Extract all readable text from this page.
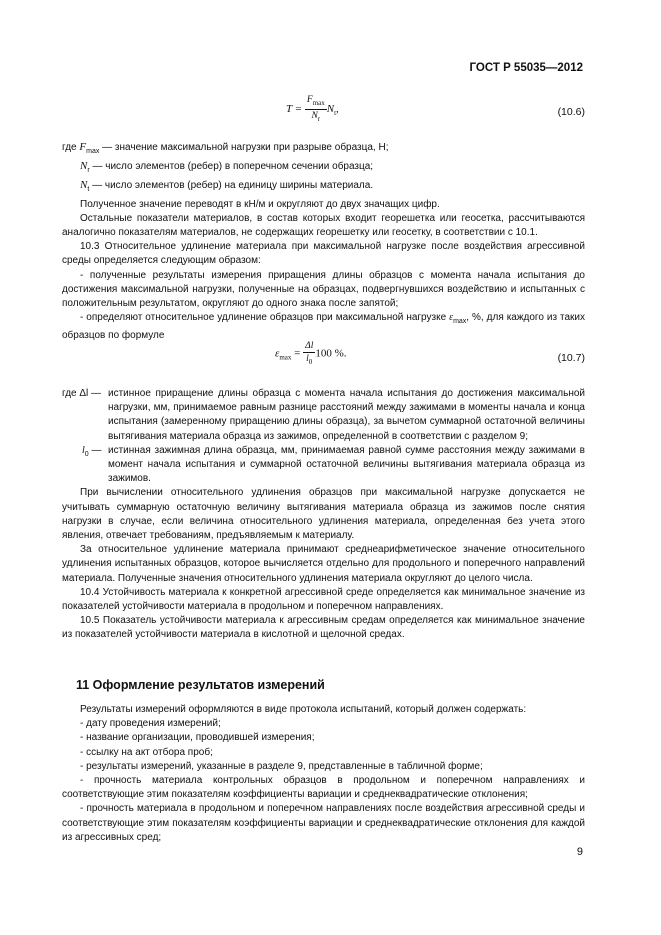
ГОСТ Р 55035—2012
$T = \frac{F_{max}}{N_r} N_t$,	(10.6)

где $F_{max}$ — значение максимальной нагрузки при разрыве образца, Н;

$N_r$ — число элементов (ребер) в поперечном сечении образца;

$N_t$ — число элементов (ребер) на единицу ширины материала.

Полученное значение переводят в кН/м и округляют до двух значащих цифр.

Остальные показатели материалов, в состав которых входит георешетка или геосетка, рассчитываются аналогично показателям материалов, не содержащих георешетку или геосетку, в соответствии с 10.1.

10.3 Относительное удлинение материала при максимальной нагрузке после воздействия агрессивной среды определяется следующим образом:

- полученные результаты измерения приращения длины образцов с момента начала испытания до достижения максимальной нагрузки, полученные на образцах, подвергнувшихся воздействию и испытанных с положительным результатом, округляют до одного знака после запятой;

- определяют относительное удлинение образцов при максимальной нагрузке $\varepsilon_{max}$, %, для каждого из таких образцов по формуле

$\varepsilon_{max} = \frac{\Delta l}{l_0} 100$ %.	(10.7)
где Δl — истинное приращение длины образца с момента начала испытания до достижения максимальной нагрузки, мм, принимаемое равным разнице расстояний между зажимами в моменты начала и конца испытания (замеренному приращению длины образца), за вычетом суммарной остаточной величины вытягивания материала образца из зажимов, определенной в соответствии с разделом 9;
$l_0$ — истинная зажимная длина образца, мм, принимаемая равной сумме расстояния между зажимами в момент начала испытания и суммарной остаточной величины вытягивания материала образца из зажимов.

При вычислении относительного удлинения образцов при максимальной нагрузке допускается не учитывать суммарную остаточную величину вытягивания материала образца из зажимов после снятия нагрузки в случае, если величина относительного удлинения материала, определенная без учета этого явления, отвечает требованиям, предъявляемым к материалу.

За относительное удлинение материала принимают среднеарифметическое значение относительного удлинения испытанных образцов, которое вычисляется отдельно для продольного и поперечного направлений материала. Полученные значения относительного удлинения материала округляют до целого числа.

10.4 Устойчивость материала к конкретной агрессивной среде определяется как минимальное значение из показателей устойчивости материала в продольном и поперечном направлениях.

10.5 Показатель устойчивости материала к агрессивным средам определяется как минимальное значение из показателей устойчивости материала в кислотной и щелочной средах.

11 Оформление результатов измерений

Результаты измерений оформляются в виде протокола испытаний, который должен содержать:

- дату проведения измерений;

- название организации, проводившей измерения;

- ссылку на акт отбора проб;

- результаты измерений, указанные в разделе 9, представленные в табличной форме;

- прочность материала контрольных образцов в продольном и поперечном направлениях и соответствующие этим показателям коэффициенты вариации и среднеквадратические отклонения;

- прочность материала в продольном и поперечном направлениях после воздействия агрессивной среды и соответствующие этим показателям коэффициенты вариации и среднеквадратические отклонения для каждой из агрессивных сред;

9
